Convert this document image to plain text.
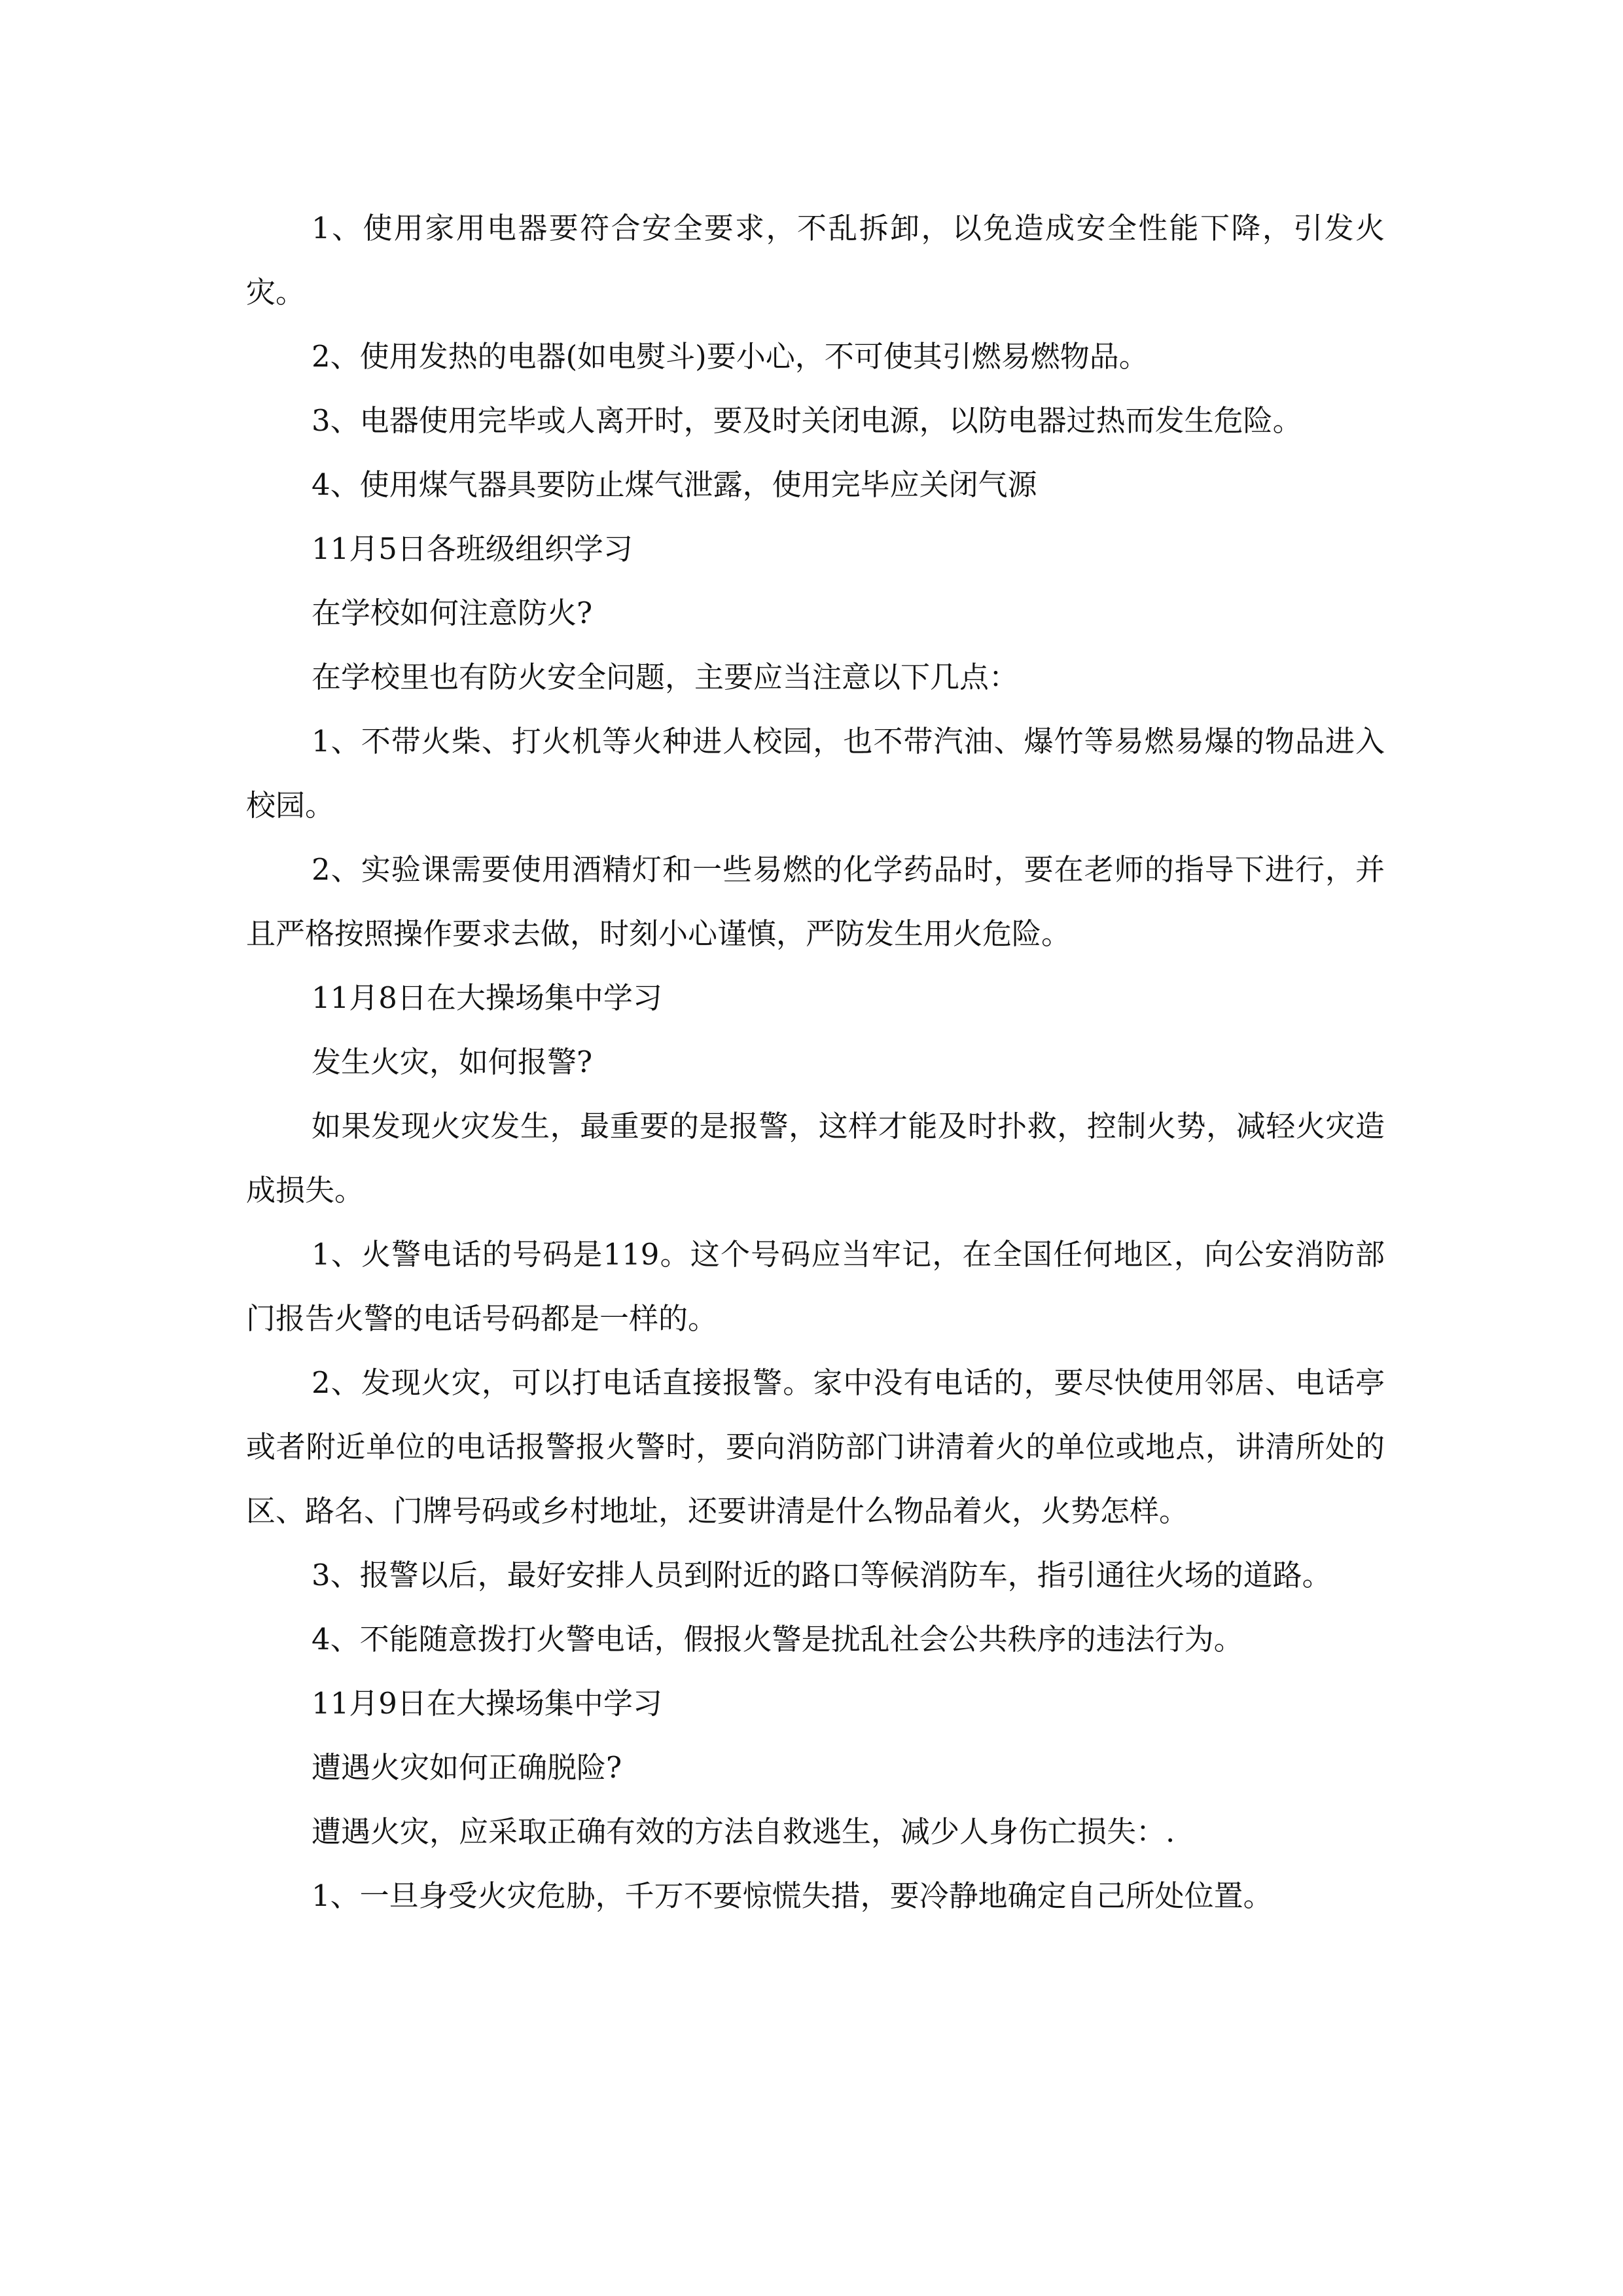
1、使用家用电器要符合安全要求，不乱拆卸，以免造成安全性能下降，引发火灾。

2、使用发热的电器(如电熨斗)要小心，不可使其引燃易燃物品。

3、电器使用完毕或人离开时，要及时关闭电源，以防电器过热而发生危险。

4、使用煤气器具要防止煤气泄露，使用完毕应关闭气源

11月5日各班级组织学习

在学校如何注意防火?

在学校里也有防火安全问题，主要应当注意以下几点：

1、不带火柴、打火机等火种进人校园，也不带汽油、爆竹等易燃易爆的物品进入校园。

2、实验课需要使用酒精灯和一些易燃的化学药品时，要在老师的指导下进行，并且严格按照操作要求去做，时刻小心谨慎，严防发生用火危险。

11月8日在大操场集中学习

发生火灾，如何报警?

如果发现火灾发生，最重要的是报警，这样才能及时扑救，控制火势，减轻火灾造成损失。

1、火警电话的号码是119。这个号码应当牢记，在全国任何地区，向公安消防部门报告火警的电话号码都是一样的。

2、发现火灾，可以打电话直接报警。家中没有电话的，要尽快使用邻居、电话亭或者附近单位的电话报警报火警时，要向消防部门讲清着火的单位或地点，讲清所处的区、路名、门牌号码或乡村地址，还要讲清是什么物品着火，火势怎样。

3、报警以后，最好安排人员到附近的路口等候消防车，指引通往火场的道路。

4、不能随意拨打火警电话，假报火警是扰乱社会公共秩序的违法行为。

11月9日在大操场集中学习

遭遇火灾如何正确脱险?

遭遇火灾，应采取正确有效的方法自救逃生，减少人身伤亡损失：.

1、一旦身受火灾危胁，千万不要惊慌失措，要冷静地确定自己所处位置。
